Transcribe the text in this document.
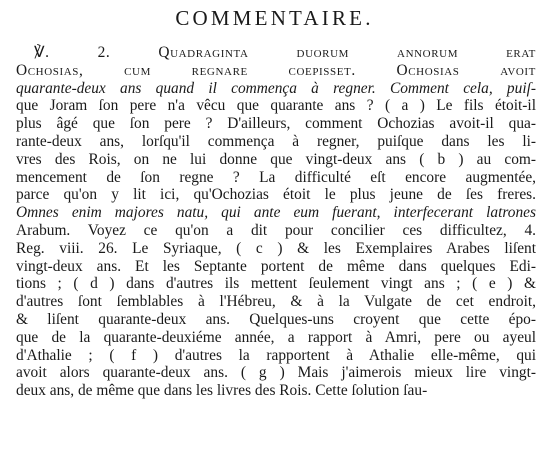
COMMENTAIRE.
℣. 2. Quadraginta duorum annorum erat
Ochosias, cum regnare coepisset. Ochosias avoit
quarante-deux ans quand il commença à regner. Comment cela, puiſ-
que Joram ſon pere n'a vêcu que quarante ans ? ( a ) Le fils étoit-il
plus âgé que ſon pere ? D'ailleurs, comment Ochozias avoit-il qua-
rante-deux ans, lorſqu'il commença à regner, puiſque dans les li-
vres des Rois, on ne lui donne que vingt-deux ans ( b ) au com-
mencement de ſon regne ? La difficulté eſt encore augmentée,
parce qu'on y lit ici, qu'Ochozias étoit le plus jeune de ſes freres.
Omnes enim majores natu, qui ante eum fuerant, interfecerant latrones
Arabum. Voyez ce qu'on a dit pour concilier ces difficultez, 4.
Reg. viii. 26. Le Syriaque, ( c ) & les Exemplaires Arabes liſent
vingt-deux ans. Et les Septante portent de même dans quelques Edi-
tions ; ( d ) dans d'autres ils mettent ſeulement vingt ans ; ( e ) &
d'autres ſont ſemblables à l'Hébreu, & à la Vulgate de cet endroit,
& liſent quarante-deux ans. Quelques-uns croyent que cette épo-
que de la quarante-deuxiéme année, a rapport à Amri, pere ou ayeul
d'Athalie ; ( f ) d'autres la rapportent à Athalie elle-même, qui
avoit alors quarante-deux ans. ( g ) Mais j'aimerois mieux lire vingt-
deux ans, de même que dans les livres des Rois. Cette ſolution ſau-
